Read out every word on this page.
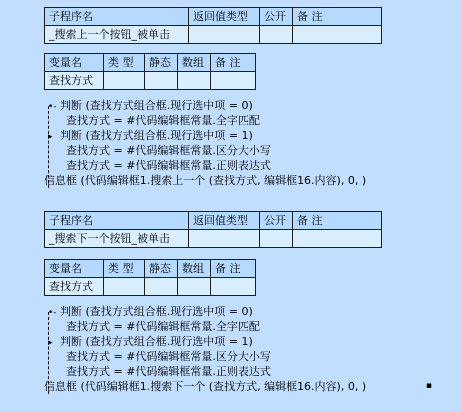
子程序名	返回值类型	公开	备 注
_搜索上一个按钮_被单击			
变量名	类 型	静态	数组	备 注
查找方式				
•- 判断 (查找方式组合框.现行选中项 = 0)
查找方式 = #代码编辑框常量.全字匹配
▸ 判断 (查找方式组合框.现行选中项 = 1)
查找方式 = #代码编辑框常量.区分大小写
查找方式 = #代码编辑框常量.正则表达式
信息框 (代码编辑框1.搜索上一个 (查找方式, 编辑框16.内容), 0, )
子程序名	返回值类型	公开	备 注
_搜索下一个按钮_被单击			
变量名	类 型	静态	数组	备 注
查找方式				
•- 判断 (查找方式组合框.现行选中项 = 0)
查找方式 = #代码编辑框常量.全字匹配
▸ 判断 (查找方式组合框.现行选中项 = 1)
查找方式 = #代码编辑框常量.区分大小写
查找方式 = #代码编辑框常量.正则表达式
信息框 (代码编辑框1.搜索下一个 (查找方式, 编辑框16.内容), 0, )	▪
